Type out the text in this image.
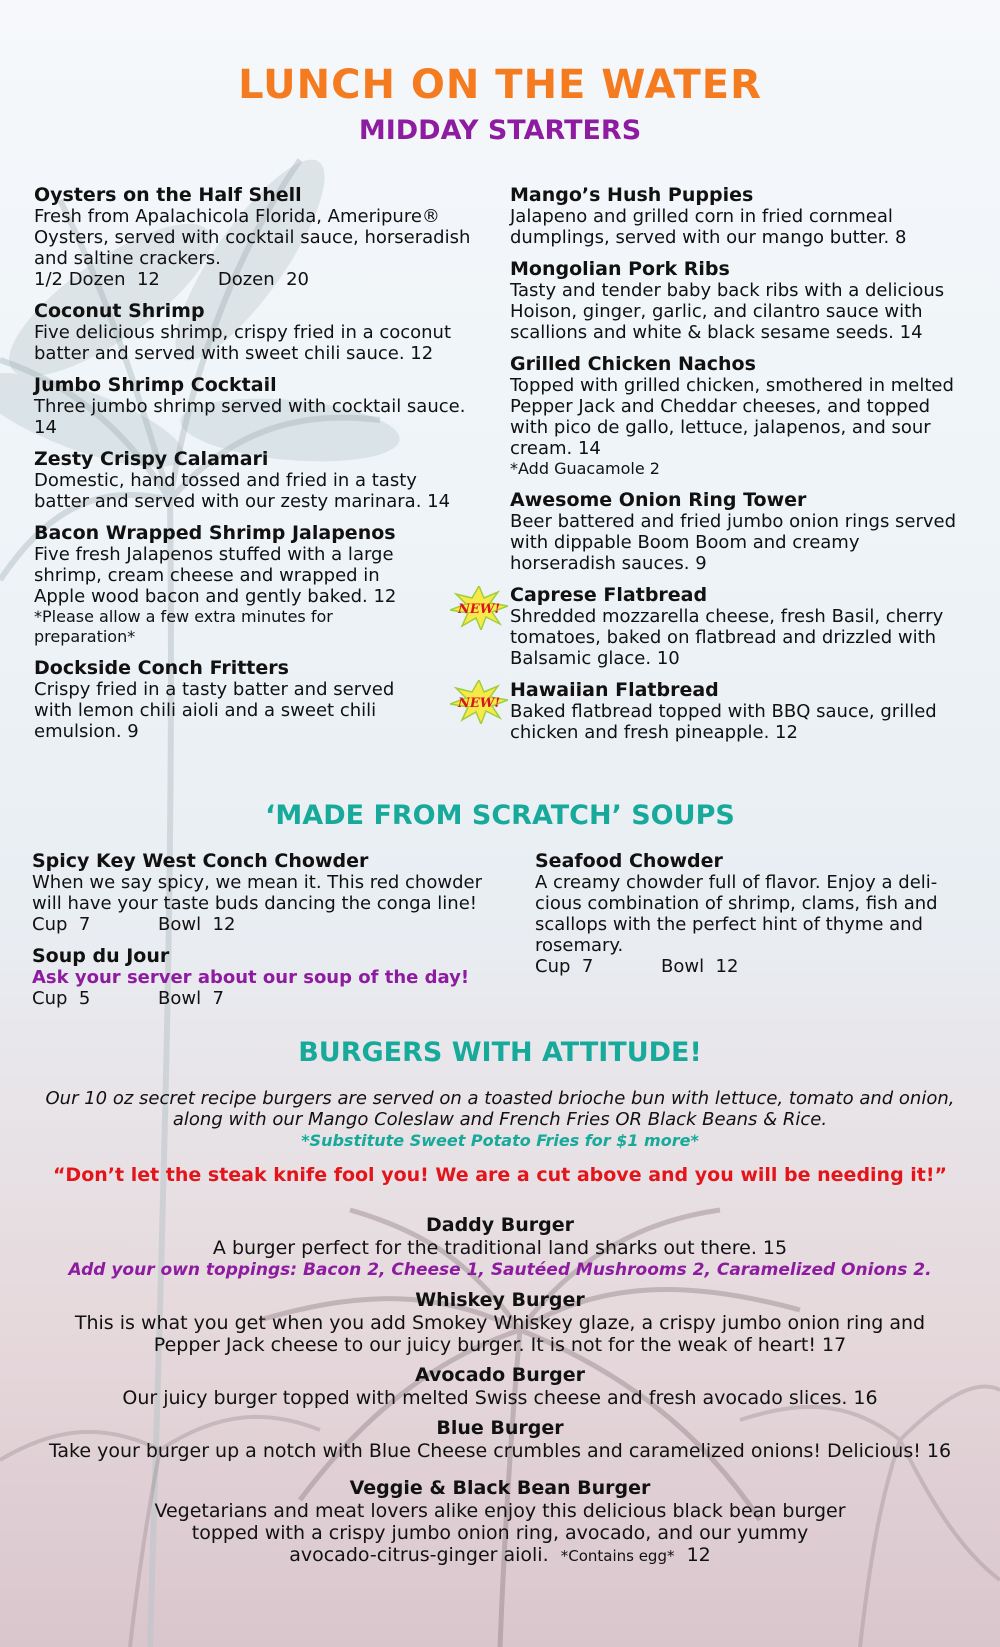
LUNCH ON THE WATER
MIDDAY STARTERS
Oysters on the Half Shell
Fresh from Apalachicola Florida, Ameripure® Oysters, served with cocktail sauce, horseradish and saltine crackers.
1/2 Dozen  12	Dozen  20
Coconut Shrimp
Five delicious shrimp, crispy fried in a coconut batter and served with sweet chili sauce. 12
Jumbo Shrimp Cocktail
Three jumbo shrimp served with cocktail sauce. 14
Zesty Crispy Calamari
Domestic, hand tossed and fried in a tasty batter and served with our zesty marinara. 14
Bacon Wrapped Shrimp Jalapenos
Five fresh Jalapenos stuffed with a large shrimp, cream cheese and wrapped in Apple wood bacon and gently baked. 12
*Please allow a few extra minutes for preparation*
Dockside Conch Fritters
Crispy fried in a tasty batter and served with lemon chili aioli and a sweet chili emulsion. 9
Mango’s Hush Puppies
Jalapeno and grilled corn in fried cornmeal dumplings, served with our mango butter. 8
Mongolian Pork Ribs
Tasty and tender baby back ribs with a delicious Hoison, ginger, garlic, and cilantro sauce with scallions and white & black sesame seeds. 14
Grilled Chicken Nachos
Topped with grilled chicken, smothered in melted Pepper Jack and Cheddar cheeses, and topped with pico de gallo, lettuce, jalapenos, and sour cream. 14
*Add Guacamole 2
Awesome Onion Ring Tower
Beer battered and fried jumbo onion rings served with dippable Boom Boom and creamy horseradish sauces. 9
Caprese Flatbread
Shredded mozzarella cheese, fresh Basil, cherry tomatoes, baked on flatbread and drizzled with Balsamic glace. 10
Hawaiian Flatbread
Baked flatbread topped with BBQ sauce, grilled chicken and fresh pineapple. 12
NEW!
NEW!
‘MADE FROM SCRATCH’ SOUPS
Spicy Key West Conch Chowder
When we say spicy, we mean it. This red chowder will have your taste buds dancing the conga line!
Cup  7	Bowl  12
Soup du Jour
Ask your server about our soup of the day!
Cup  5	Bowl  7
Seafood Chowder
A creamy chowder full of flavor. Enjoy a deli-cious combination of shrimp, clams, fish and scallops with the perfect hint of thyme and rosemary.
Cup  7	Bowl  12
BURGERS WITH ATTITUDE!
Our 10 oz secret recipe burgers are served on a toasted brioche bun with lettuce, tomato and onion, along with our Mango Coleslaw and French Fries OR Black Beans & Rice.
*Substitute Sweet Potato Fries for $1 more*
“Don’t let the steak knife fool you! We are a cut above and you will be needing it!”
Daddy Burger
A burger perfect for the traditional land sharks out there. 15
Add your own toppings: Bacon 2, Cheese 1, Sautéed Mushrooms 2, Caramelized Onions 2.
Whiskey Burger
This is what you get when you add Smokey Whiskey glaze, a crispy jumbo onion ring and
Pepper Jack cheese to our juicy burger. It is not for the weak of heart! 17
Avocado Burger
Our juicy burger topped with melted Swiss cheese and fresh avocado slices. 16
Blue Burger
Take your burger up a notch with Blue Cheese crumbles and caramelized onions! Delicious! 16
Veggie & Black Bean Burger
Vegetarians and meat lovers alike enjoy this delicious black bean burger
topped with a crispy jumbo onion ring, avocado, and our yummy
avocado-citrus-ginger aioli. *Contains egg* 12
